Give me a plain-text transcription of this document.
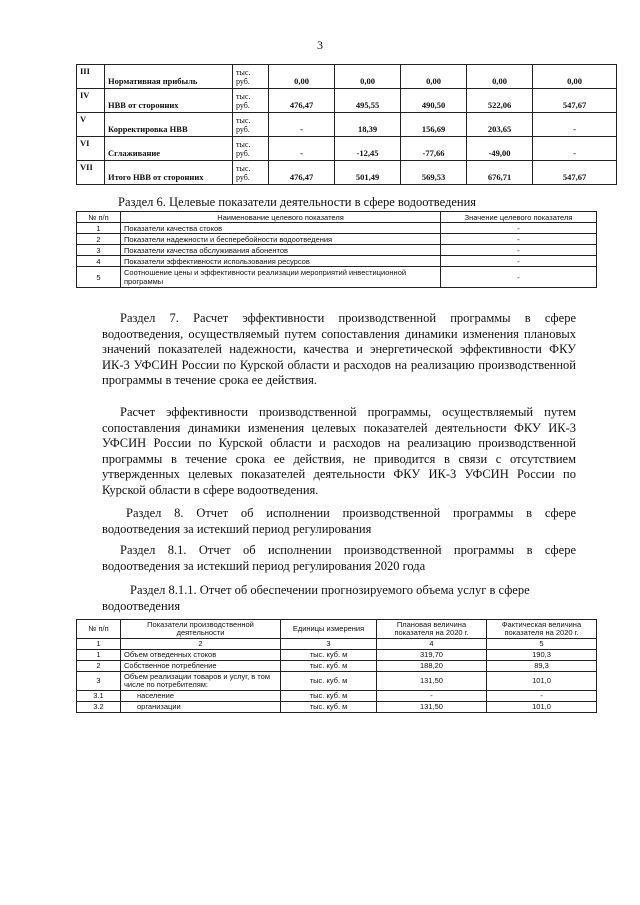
3
III	Нормативная прибыль	тыс. руб.	0,00	0,00	0,00	0,00	0,00
IV	НВВ от сторонних	тыс. руб.	476,47	495,55	490,50	522,06	547,67
V	Корректировка НВВ	тыс. руб.	-	18,39	156,69	203,65	-
VI	Сглаживание	тыс. руб.	-	-12,45	-77,66	-49,00	-
VII	Итого НВВ от сторонних	тыс. руб.	476,47	501,49	569,53	676,71	547,67
Раздел 6. Целевые показатели деятельности в сфере водоотведения
№ п/п	Наименование целевого показателя	Значение целевого показателя
1	Показатели качества стоков	-
2	Показатели надежности и бесперебойности водоотведения	-
3	Показатели качества обслуживания абонентов	-
4	Показатели эффективности использования ресурсов	-
5	Соотношение цены и эффективности реализации мероприятий инвестиционной программы	-
Раздел 7. Расчет эффективности производственной программы в сфере водоотведения, осуществляемый путем сопоставления динамики изменения плановых значений показателей надежности, качества и энергетической эффективности ФКУ ИК-3 УФСИН России по Курской области и расходов на реализацию производственной программы в течение срока ее действия.
Расчет эффективности производственной программы, осуществляемый путем сопоставления динамики изменения целевых показателей деятельности ФКУ ИК-3 УФСИН России по Курской области и расходов на реализацию производственной программы в течение срока ее действия, не приводится в связи с отсутствием утвержденных целевых показателей деятельности ФКУ ИК-3 УФСИН России по Курской области в сфере водоотведения.
Раздел 8. Отчет об исполнении производственной программы в сфере водоотведения за истекший период регулирования
Раздел 8.1. Отчет об исполнении производственной программы в сфере водоотведения за истекший период регулирования 2020 года
Раздел 8.1.1. Отчет об обеспечении прогнозируемого объема услуг в сфере
водоотведения
№ п/п	Показатели производственной деятельности	Единицы измерения	Плановая величина показателя на 2020 г.	Фактическая величина показателя на 2020 г.
1	2	3	4	5
1	Объем отведенных стоков	тыс. куб. м	319,70	190,3
2	Собственное потребление	тыс. куб. м	188,20	89,3
3	Объем реализации товаров и услуг, в том числе по потребителям:	тыс. куб. м	131,50	101,0
3.1	население	тыс. куб. м	-	-
3.2	организации	тыс. куб. м	131,50	101,0
